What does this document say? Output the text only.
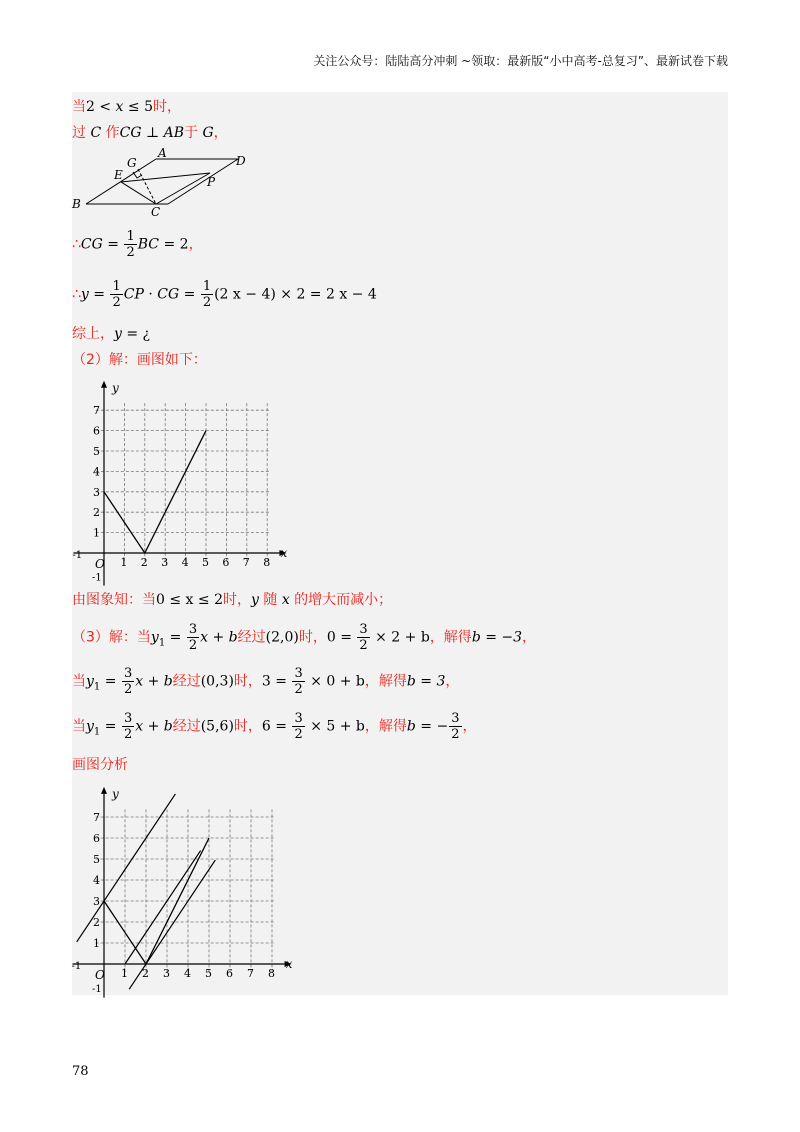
关注公众号：陆陆高分冲刺 ~领取：最新版“小中高考-总复习”、最新试卷下载
当2 < x ≤ 5时，
过 C 作CG ⊥ AB于 G，
A
B
C
D
E
G
P
∴CG = $\frac{1}{2}$ BC = 2，
∴y = $\frac{1}{2}$ CP · CG = $\frac{1}{2} (2$ x − 4) × 2 = 2 x − 4
综上，y = ¿
（2）解：画图如下：
1 2 3 4 5 6 7 8
1
2
3
4
5
6
7
O
-1
-1
x
y
由图象知：当0 ≤ x ≤ 2时，y 随 x 的增大而减小；
（3）解：当$y_1 = \frac{3}{2}$ x + b经过(2,0)时，$0 = \frac{3}{2} \times 2 + b$，解得b = −3，
当$y_1 = \frac{3}{2}$ x + b经过(0,3)时，$3 = \frac{3}{2} \times 0 + b$，解得b = 3，
当$y_1 = \frac{3}{2}$ x + b经过(5,6)时，$6 = \frac{3}{2} \times 5 + b$，解得b = − $\frac{3}{2}$ ，
画图分析
1 2 3 4 5 6 7 8
1
2
3
4
5
6
7
O
-1
-1
x
y
78
